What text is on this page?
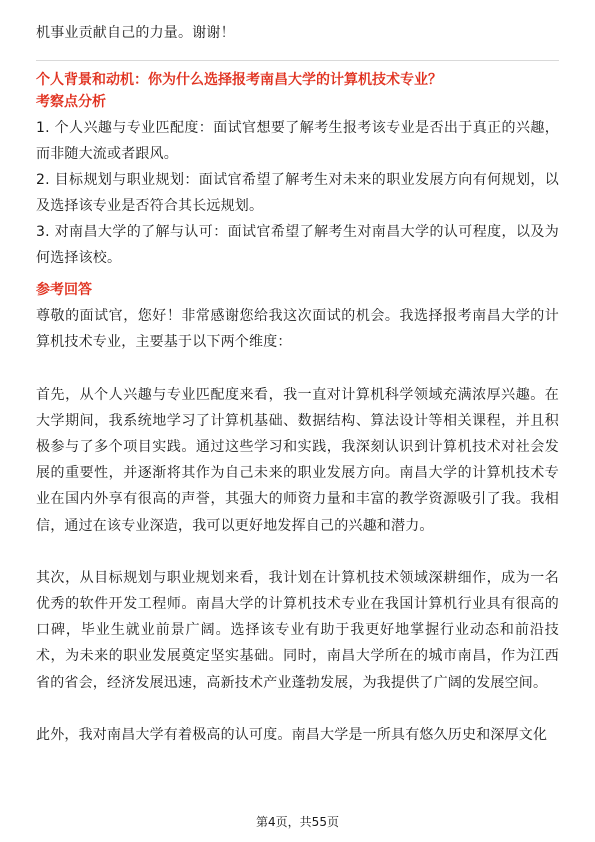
机事业贡献自己的力量。谢谢！

个人背景和动机：你为什么选择报考南昌大学的计算机技术专业？

考察点分析

1. 个人兴趣与专业匹配度：面试官想要了解考生报考该专业是否出于真正的兴趣，而非随大流或者跟风。

2. 目标规划与职业规划：面试官希望了解考生对未来的职业发展方向有何规划，以及选择该专业是否符合其长远规划。

3. 对南昌大学的了解与认可：面试官希望了解考生对南昌大学的认可程度，以及为何选择该校。

参考回答

尊敬的面试官，您好！非常感谢您给我这次面试的机会。我选择报考南昌大学的计算机技术专业，主要基于以下两个维度：

首先，从个人兴趣与专业匹配度来看，我一直对计算机科学领域充满浓厚兴趣。在大学期间，我系统地学习了计算机基础、数据结构、算法设计等相关课程，并且积极参与了多个项目实践。通过这些学习和实践，我深刻认识到计算机技术对社会发展的重要性，并逐渐将其作为自己未来的职业发展方向。南昌大学的计算机技术专业在国内外享有很高的声誉，其强大的师资力量和丰富的教学资源吸引了我。我相信，通过在该专业深造，我可以更好地发挥自己的兴趣和潜力。

其次，从目标规划与职业规划来看，我计划在计算机技术领域深耕细作，成为一名优秀的软件开发工程师。南昌大学的计算机技术专业在我国计算机行业具有很高的口碑，毕业生就业前景广阔。选择该专业有助于我更好地掌握行业动态和前沿技术，为未来的职业发展奠定坚实基础。同时，南昌大学所在的城市南昌，作为江西省的省会，经济发展迅速，高新技术产业蓬勃发展，为我提供了广阔的发展空间。

此外，我对南昌大学有着极高的认可度。南昌大学是一所具有悠久历史和深厚文化

第4页，共55页
